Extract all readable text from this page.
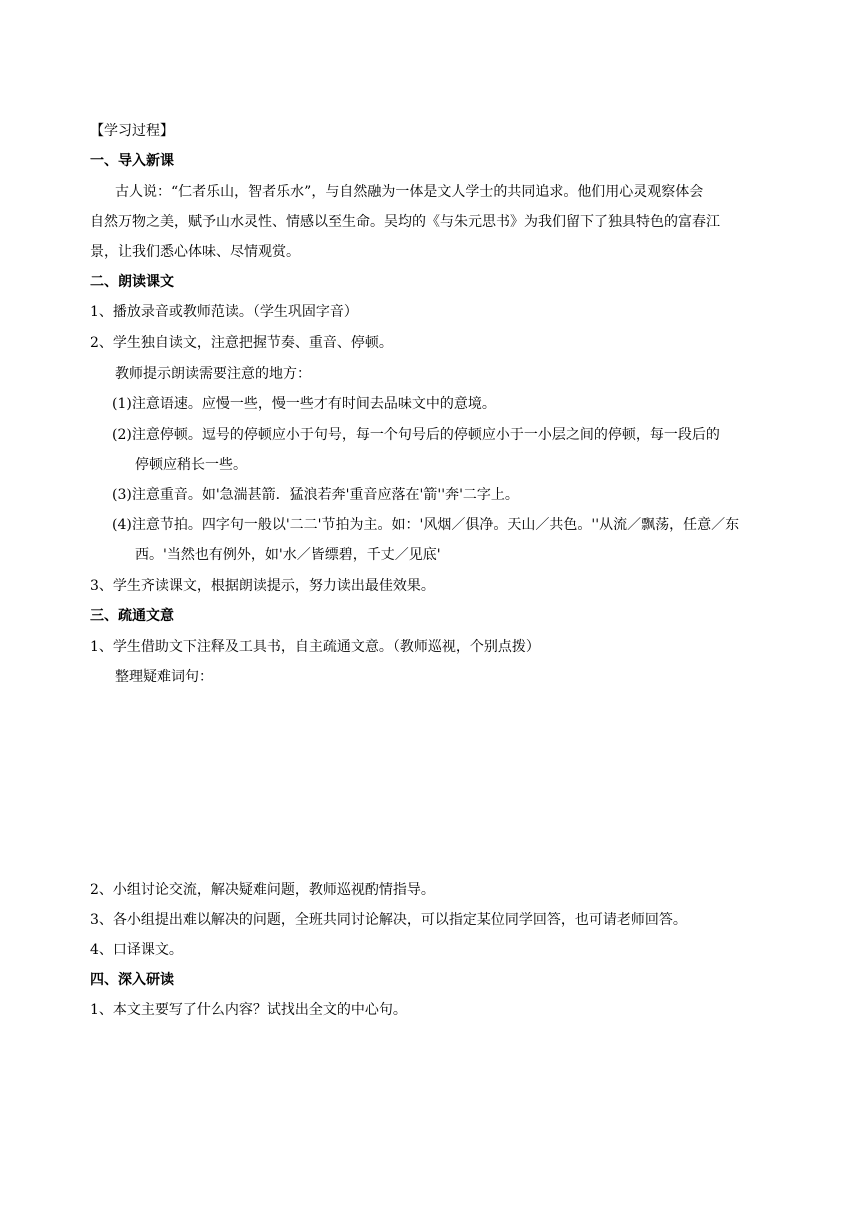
【学习过程】
一、导入新课
古人说：“仁者乐山，智者乐水”，与自然融为一体是文人学士的共同追求。他们用心灵观察体会
自然万物之美，赋予山水灵性、情感以至生命。吴均的《与朱元思书》为我们留下了独具特色的富春江
景，让我们悉心体味、尽情观赏。
二、朗读课文
1、播放录音或教师范读。（学生巩固字音）
2、学生独自读文，注意把握节奏、重音、停顿。
教师提示朗读需要注意的地方：
(1)注意语速。应慢一些，慢一些才有时间去品味文中的意境。
(2)注意停顿。逗号的停顿应小于句号，每一个句号后的停顿应小于一小层之间的停顿，每一段后的
停顿应稍长一些。
(3)注意重音。如'急湍甚箭．猛浪若奔'重音应落在'箭''奔'二字上。
(4)注意节拍。四字句一般以'二二'节拍为主。如：'风烟／俱净。天山／共色。''从流／飘荡，任意／东
西。'当然也有例外，如'水／皆缥碧，千丈／见底'
3、学生齐读课文，根据朗读提示，努力读出最佳效果。
三、疏通文意
1、学生借助文下注释及工具书，自主疏通文意。（教师巡视，个别点拨）
整理疑难词句：
2、小组讨论交流，解决疑难问题，教师巡视酌情指导。
3、各小组提出难以解决的问题，全班共同讨论解决，可以指定某位同学回答，也可请老师回答。
4、口译课文。
四、深入研读
1、本文主要写了什么内容？试找出全文的中心句。
